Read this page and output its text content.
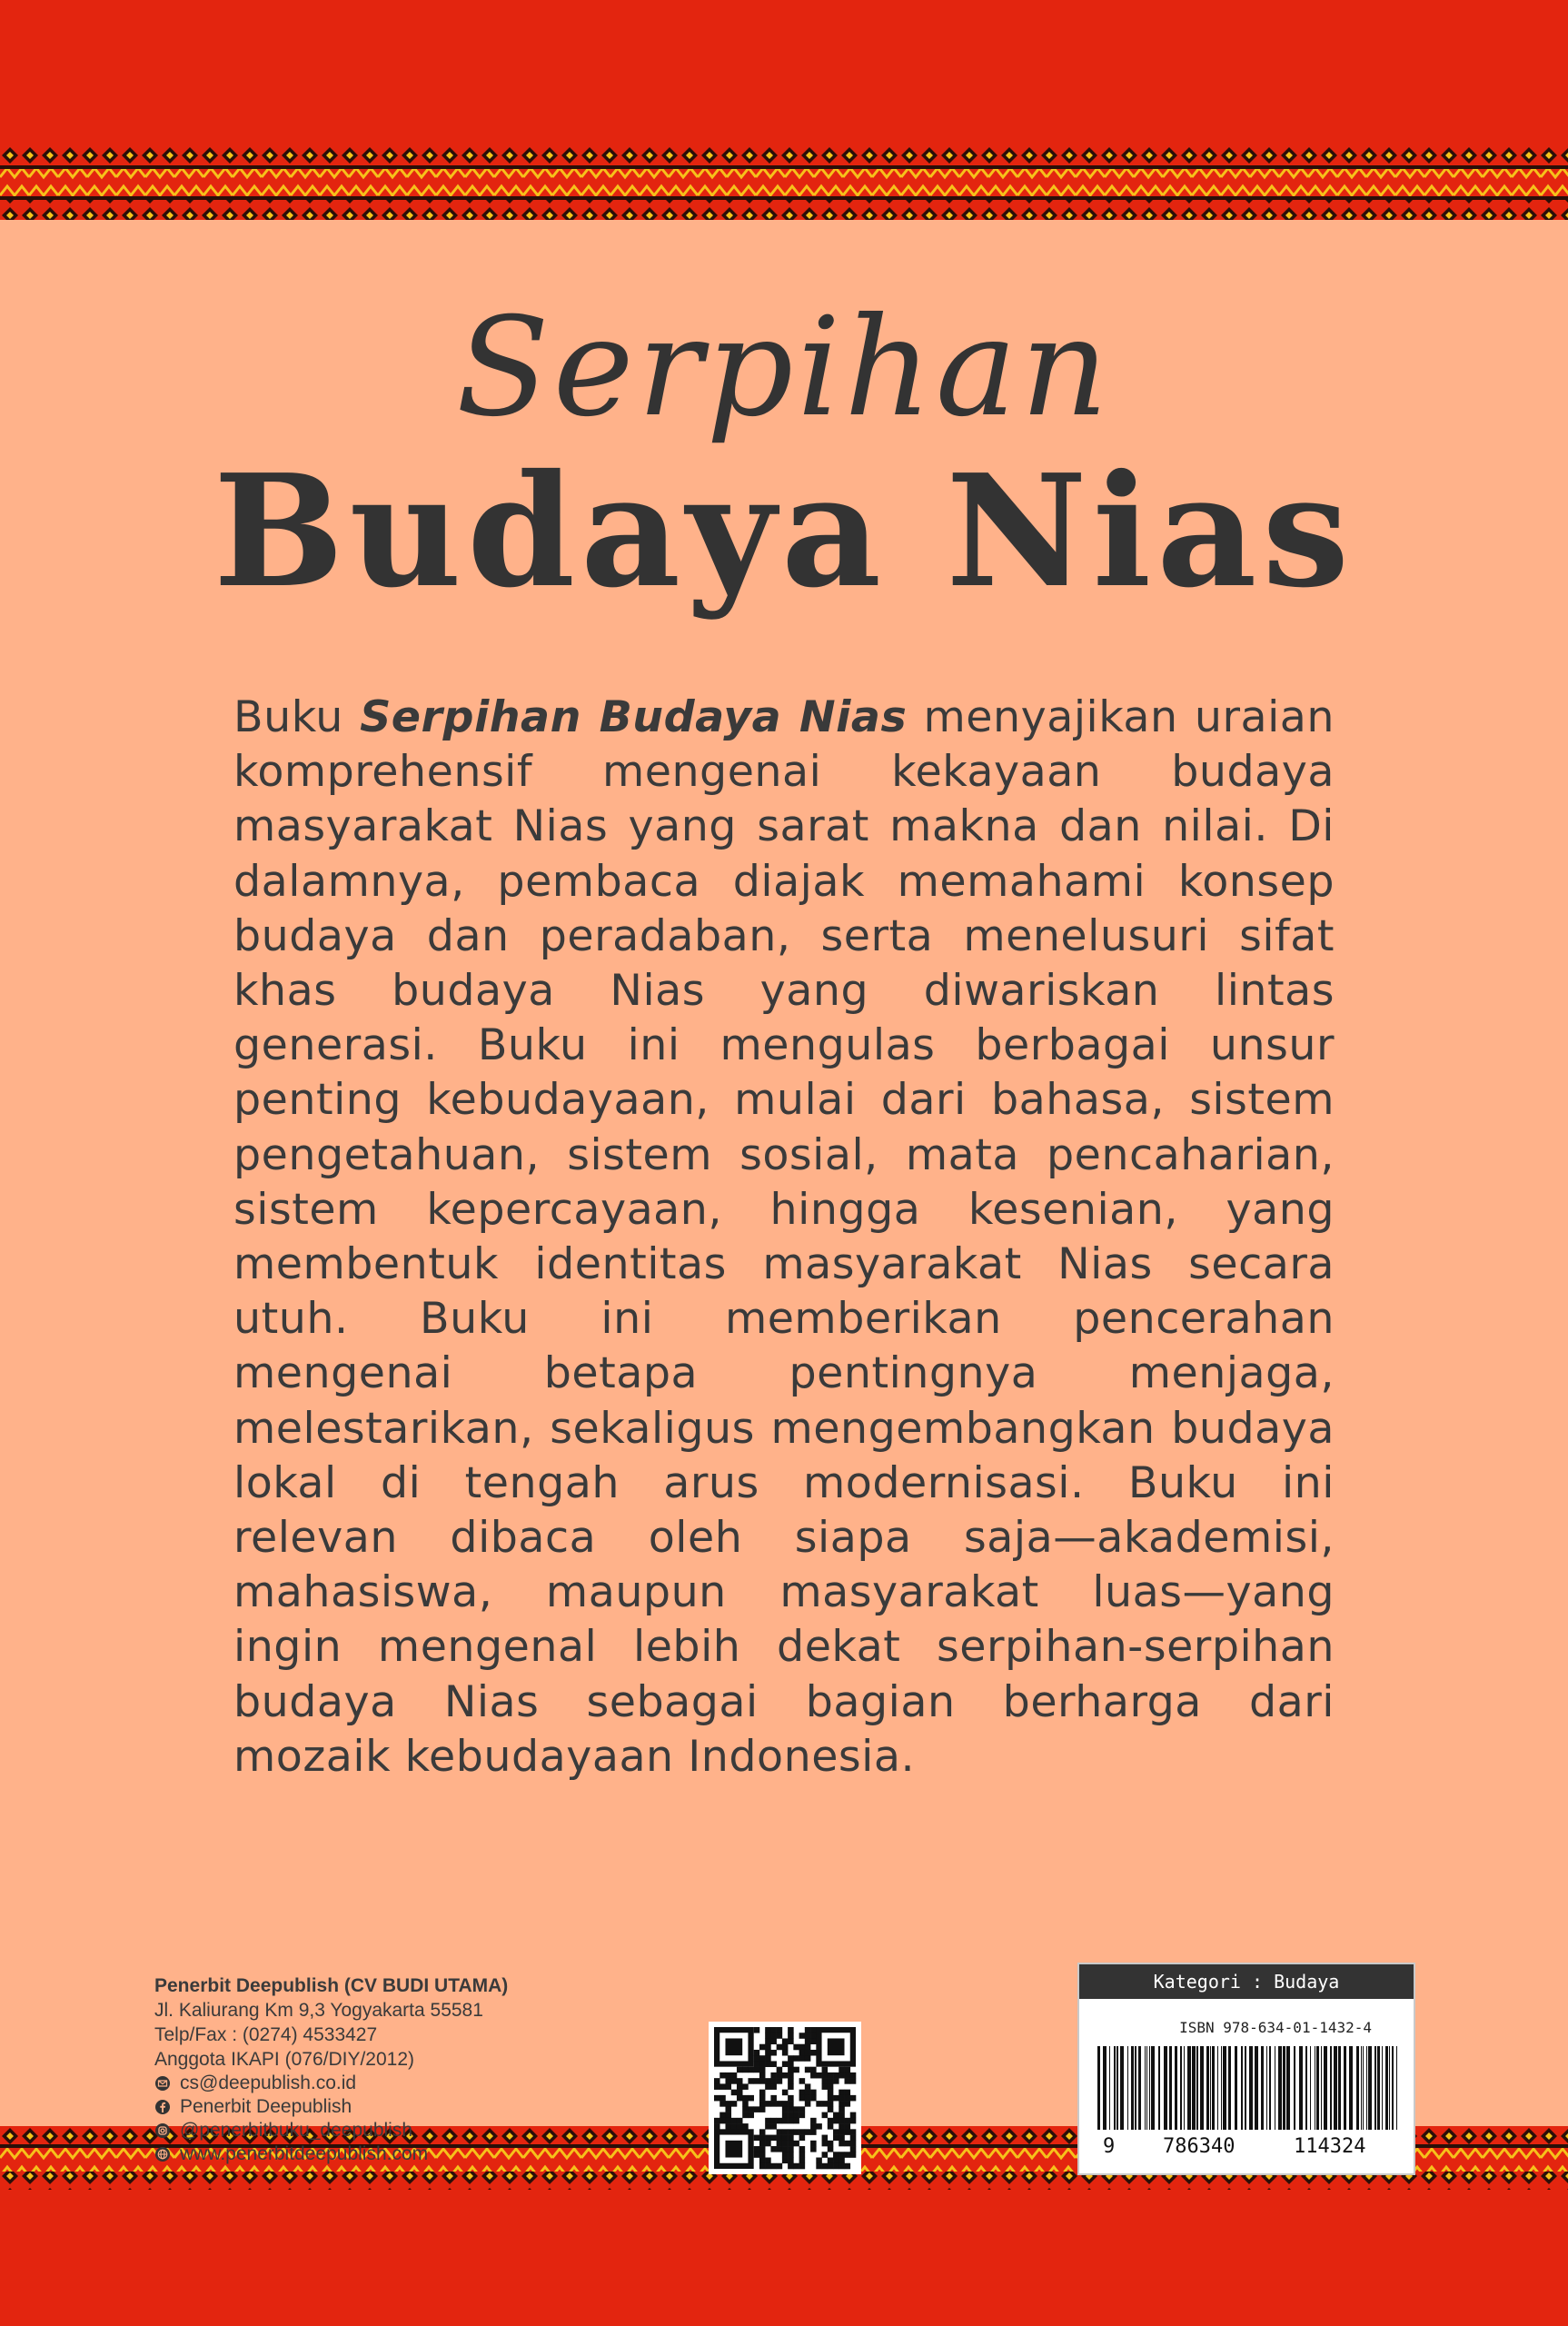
Serpihan
Budaya Nias

Buku Serpihan Budaya Nias menyajikan uraian komprehensif mengenai kekayaan budaya masyarakat Nias yang sarat makna dan nilai. Di dalamnya, pembaca diajak memahami konsep budaya dan peradaban, serta menelusuri sifat khas budaya Nias yang diwariskan lintas generasi. Buku ini mengulas berbagai unsur penting kebudayaan, mulai dari bahasa, sistem pengetahuan, sistem sosial, mata pencaharian, sistem kepercayaan, hingga kesenian, yang membentuk identitas masyarakat Nias secara utuh. Buku ini memberikan pencerahan mengenai betapa pentingnya menjaga, melestarikan, sekaligus mengembangkan budaya lokal di tengah arus modernisasi. Buku ini relevan dibaca oleh siapa saja—akademisi, mahasiswa, maupun masyarakat luas—yang ingin mengenal lebih dekat serpihan-serpihan budaya Nias sebagai bagian berharga dari mozaik kebudayaan Indonesia.

Penerbit Deepublish (CV BUDI UTAMA)
Jl. Kaliurang Km 9,3 Yogyakarta 55581
Telp/Fax : (0274) 4533427
Anggota IKAPI (076/DIY/2012)
cs@deepublish.co.id
Penerbit Deepublish
@penerbitbuku_deepublish
www.penerbitdeepublish.com
Kategori : Budaya
ISBN 978-634-01-1432-4
9 786340	114324
